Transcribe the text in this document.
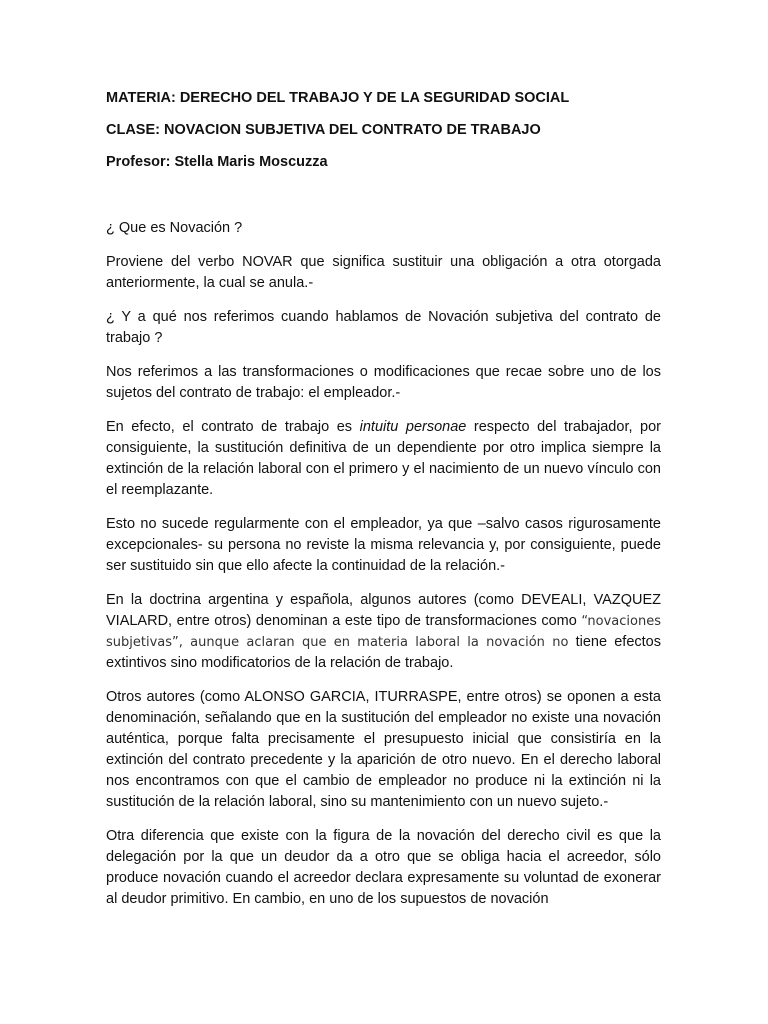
MATERIA: DERECHO DEL TRABAJO Y DE LA SEGURIDAD SOCIAL
CLASE: NOVACION SUBJETIVA DEL CONTRATO DE TRABAJO
Profesor: Stella Maris Moscuzza

¿ Que es Novación ?

Proviene del verbo NOVAR que significa sustituir una obligación a otra otorgada anteriormente, la cual se anula.-

¿ Y a qué nos referimos cuando hablamos de Novación subjetiva del contrato de trabajo ?

Nos referimos a las transformaciones o modificaciones que recae sobre uno de los sujetos del contrato de trabajo: el empleador.-

En efecto, el contrato de trabajo es intuitu personae respecto del trabajador, por consiguiente, la sustitución definitiva de un dependiente por otro implica siempre la extinción de la relación laboral con el primero y el nacimiento de un nuevo vínculo con el reemplazante.

Esto no sucede regularmente con el empleador, ya que –salvo casos rigurosamente excepcionales- su persona no reviste la misma relevancia y, por consiguiente, puede ser sustituido sin que ello afecte la continuidad de la relación.-

En la doctrina argentina y española, algunos autores (como DEVEALI, VAZQUEZ VIALARD, entre otros) denominan a este tipo de transformaciones como “novaciones subjetivas”, aunque aclaran que en materia laboral la novación no tiene efectos extintivos sino modificatorios de la relación de trabajo.

Otros autores (como ALONSO GARCIA, ITURRASPE, entre otros) se oponen a esta denominación, señalando que en la sustitución del empleador no existe una novación auténtica, porque falta precisamente el presupuesto inicial que consistiría en la extinción del contrato precedente y la aparición de otro nuevo. En el derecho laboral nos encontramos con que el cambio de empleador no produce ni la extinción ni la sustitución de la relación laboral, sino su mantenimiento con un nuevo sujeto.-

Otra diferencia que existe con la figura de la novación del derecho civil es que la delegación por la que un deudor da a otro que se obliga hacia el acreedor, sólo produce novación cuando el acreedor declara expresamente su voluntad de exonerar al deudor primitivo. En cambio, en uno de los supuestos de novación
